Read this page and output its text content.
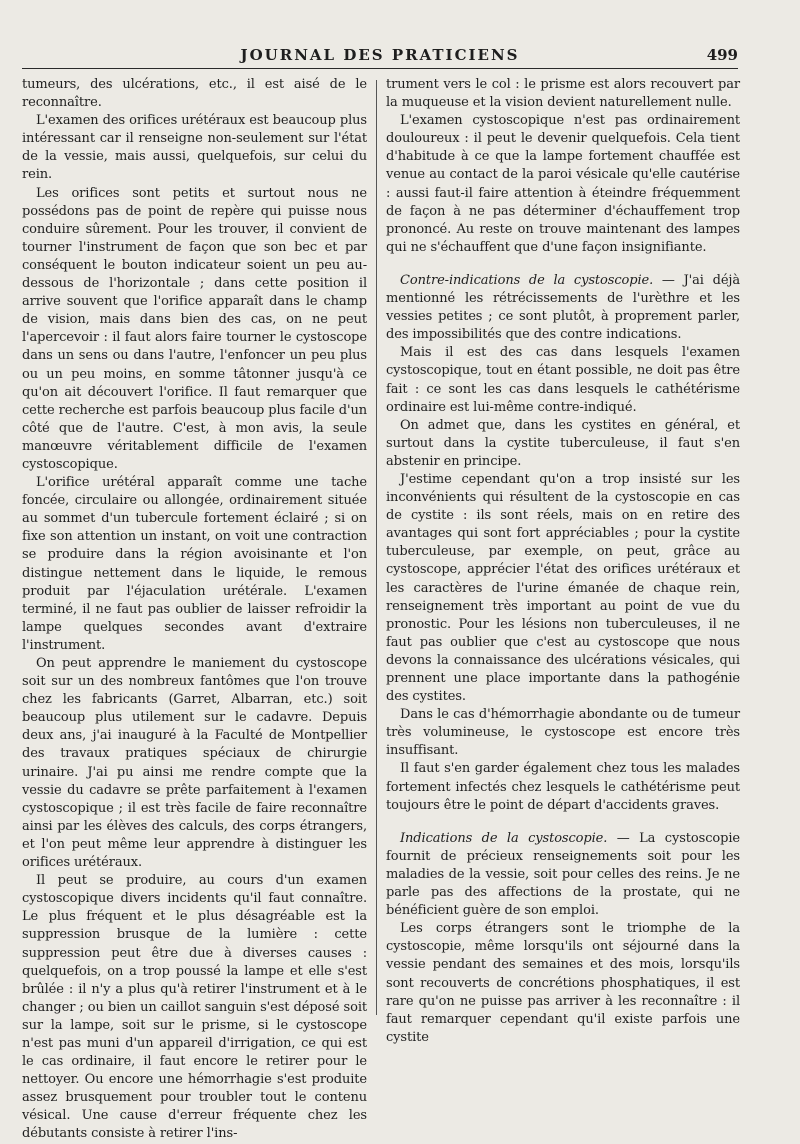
JOURNAL DES PRATICIENS	499

tumeurs, des ulcérations, etc., il est aisé de le reconnaître.

L'examen des orifices urétéraux est beaucoup plus intéressant car il renseigne non-seulement sur l'état de la vessie, mais aussi, quelquefois, sur celui du rein.

Les orifices sont petits et surtout nous ne possédons pas de point de repère qui puisse nous conduire sûrement. Pour les trouver, il convient de tourner l'instrument de façon que son bec et par conséquent le bouton indicateur soient un peu au-dessous de l'horizontale ; dans cette position il arrive souvent que l'orifice apparaît dans le champ de vision, mais dans bien des cas, on ne peut l'apercevoir : il faut alors faire tourner le cystoscope dans un sens ou dans l'autre, l'enfoncer un peu plus ou un peu moins, en somme tâtonner jusqu'à ce qu'on ait découvert l'orifice. Il faut remarquer que cette recherche est parfois beaucoup plus facile d'un côté que de l'autre. C'est, à mon avis, la seule manœuvre véritablement difficile de l'examen cystoscopique.

L'orifice urétéral apparaît comme une tache foncée, circulaire ou allongée, ordinairement située au sommet d'un tubercule fortement éclairé ; si on fixe son attention un instant, on voit une contraction se produire dans la région avoisinante et l'on distingue nettement dans le liquide, le remous produit par l'éjaculation urétérale. L'examen terminé, il ne faut pas oublier de laisser refroidir la lampe quelques secondes avant d'extraire l'instrument.

On peut apprendre le maniement du cystoscope soit sur un des nombreux fantômes que l'on trouve chez les fabricants (Garret, Albarran, etc.) soit beaucoup plus utilement sur le cadavre. Depuis deux ans, j'ai inauguré à la Faculté de Montpellier des travaux pratiques spéciaux de chirurgie urinaire. J'ai pu ainsi me rendre compte que la vessie du cadavre se prête parfaitement à l'examen cystoscopique ; il est très facile de faire reconnaître ainsi par les élèves des calculs, des corps étrangers, et l'on peut même leur apprendre à distinguer les orifices urétéraux.

Il peut se produire, au cours d'un examen cystoscopique divers incidents qu'il faut connaître. Le plus fréquent et le plus désagréable est la suppression brusque de la lumière : cette suppression peut être due à diverses causes : quelquefois, on a trop poussé la lampe et elle s'est brûlée : il n'y a plus qu'à retirer l'instrument et à le changer ; ou bien un caillot sanguin s'est déposé soit sur la lampe, soit sur le prisme, si le cystoscope n'est pas muni d'un appareil d'irrigation, ce qui est le cas ordinaire, il faut encore le retirer pour le nettoyer. Ou encore une hémorrhagie s'est produite assez brusquement pour troubler tout le contenu vésical. Une cause d'erreur fréquente chez les débutants consiste à retirer l'ins-

trument vers le col : le prisme est alors recouvert par la muqueuse et la vision devient naturellement nulle.

L'examen cystoscopique n'est pas ordinairement douloureux : il peut le devenir quelquefois. Cela tient d'habitude à ce que la lampe fortement chauffée est venue au contact de la paroi vésicale qu'elle cautérise : aussi faut-il faire attention à éteindre fréquemment de façon à ne pas déterminer d'échauffement trop prononcé. Au reste on trouve maintenant des lampes qui ne s'échauffent que d'une façon insignifiante.

Contre-indications de la cystoscopie. — J'ai déjà mentionné les rétrécissements de l'urèthre et les vessies petites ; ce sont plutôt, à proprement parler, des impossibilités que des contre indications.

Mais il est des cas dans lesquels l'examen cystoscopique, tout en étant possible, ne doit pas être fait : ce sont les cas dans lesquels le cathétérisme ordinaire est lui-même contre-indiqué.

On admet que, dans les cystites en général, et surtout dans la cystite tuberculeuse, il faut s'en abstenir en principe.

J'estime cependant qu'on a trop insisté sur les inconvénients qui résultent de la cystoscopie en cas de cystite : ils sont réels, mais on en retire des avantages qui sont fort appréciables ; pour la cystite tuberculeuse, par exemple, on peut, grâce au cystoscope, apprécier l'état des orifices urétéraux et les caractères de l'urine émanée de chaque rein, renseignement très important au point de vue du pronostic. Pour les lésions non tuberculeuses, il ne faut pas oublier que c'est au cystoscope que nous devons la connaissance des ulcérations vésicales, qui prennent une place importante dans la pathogénie des cystites.

Dans le cas d'hémorrhagie abondante ou de tumeur très volumineuse, le cystoscope est encore très insuffisant.

Il faut s'en garder également chez tous les malades fortement infectés chez lesquels le cathétérisme peut toujours être le point de départ d'accidents graves.

Indications de la cystoscopie. — La cystoscopie fournit de précieux renseignements soit pour les maladies de la vessie, soit pour celles des reins. Je ne parle pas des affections de la prostate, qui ne bénéficient guère de son emploi.

Les corps étrangers sont le triomphe de la cystoscopie, même lorsqu'ils ont séjourné dans la vessie pendant des semaines et des mois, lorsqu'ils sont recouverts de concrétions phosphatiques, il est rare qu'on ne puisse pas arriver à les reconnaître : il faut remarquer cependant qu'il existe parfois une cystite
